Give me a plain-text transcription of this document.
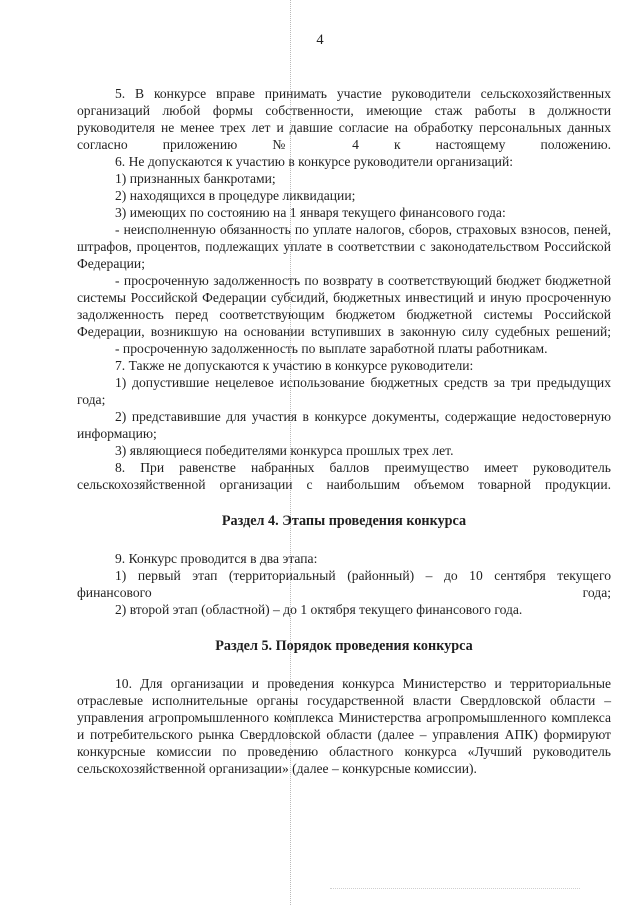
4

5. В конкурсе вправе принимать участие руководители сельскохозяйственных организаций любой формы собственности, имеющие стаж работы в должности руководителя не менее трех лет и давшие согласие на обработку персональных данных согласно приложению № 4 к настоящему положению.

6. Не допускаются к участию в конкурсе руководители организаций:

1) признанных банкротами;

2) находящихся в процедуре ликвидации;

3) имеющих по состоянию на 1 января текущего финансового года:

- неисполненную обязанность по уплате налогов, сборов, страховых взносов, пеней, штрафов, процентов, подлежащих уплате в соответствии с законодательством Российской Федерации;

- просроченную задолженность по возврату в соответствующий бюджет бюджетной системы Российской Федерации субсидий, бюджетных инвестиций и иную просроченную задолженность перед соответствующим бюджетом бюджетной системы Российской Федерации, возникшую на основании вступивших в законную силу судебных решений;

- просроченную задолженность по выплате заработной платы работникам.

7. Также не допускаются к участию в конкурсе руководители:

1) допустившие нецелевое использование бюджетных средств за три предыдущих года;

2) представившие для участия в конкурсе документы, содержащие недостоверную информацию;

3) являющиеся победителями конкурса прошлых трех лет.

8. При равенстве набранных баллов преимущество имеет руководитель сельскохозяйственной организации с наибольшим объемом товарной продукции.

Раздел 4. Этапы проведения конкурса

9. Конкурс проводится в два этапа:

1) первый этап (территориальный (районный) – до 10 сентября текущего финансового года;

2) второй этап (областной) – до 1 октября текущего финансового года.

Раздел 5. Порядок проведения конкурса

10. Для организации и проведения конкурса Министерство и территориальные отраслевые исполнительные органы государственной власти Свердловской области – управления агропромышленного комплекса Министерства агропромышленного комплекса и потребительского рынка Свердловской области (далее – управления АПК) формируют конкурсные комиссии по проведению областного конкурса «Лучший руководитель сельскохозяйственной организации» (далее – конкурсные комиссии).
